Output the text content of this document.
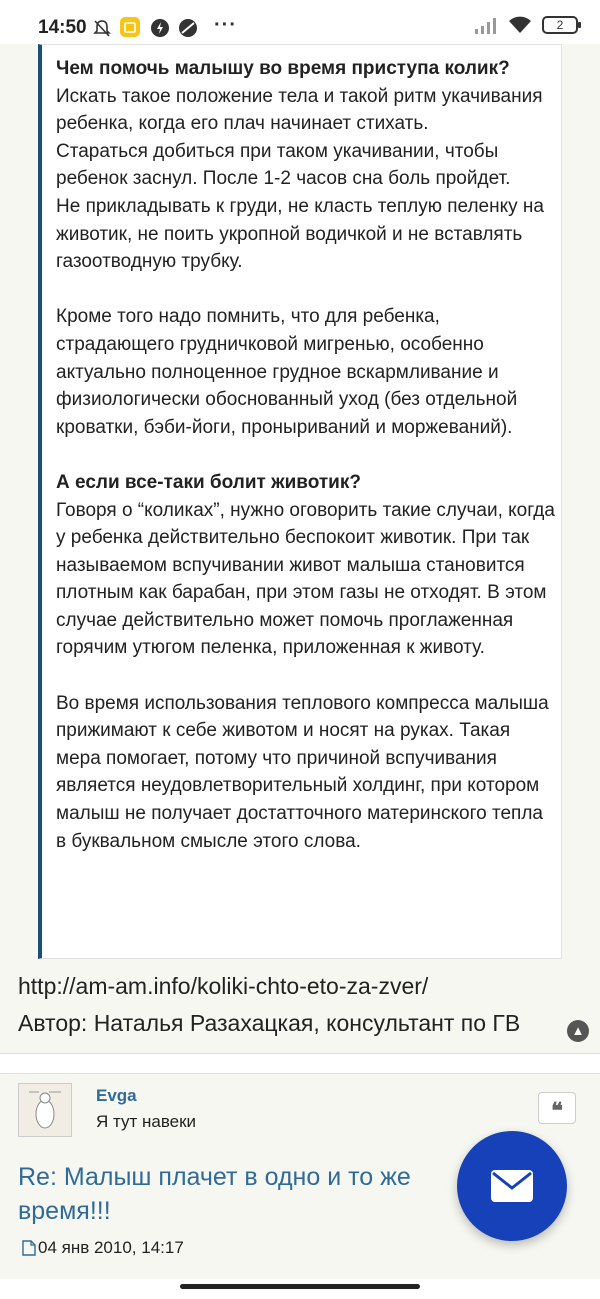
14:50	···	2

Чем помочь малышу во время приступа колик?

Искать такое положение тела и такой ритм укачивания ребенка, когда его плач начинает стихать.

Стараться добиться при таком укачивании, чтобы ребенок заснул. После 1-2 часов сна боль пройдет.

Не прикладывать к груди, не класть теплую пеленку на животик, не поить укропной водичкой и не вставлять газоотводную трубку.

Кроме того надо помнить, что для ребенка, страдающего грудничковой мигренью, особенно актуально полноценное грудное вскармливание и физиологически обоснованный уход (без отдельной кроватки, бэби-йоги, проныриваний и моржеваний).

А если все-таки болит животик?

Говоря о “коликах”, нужно оговорить такие случаи, когда у ребенка действительно беспокоит животик. При так называемом вспучивании живот малыша становится плотным как барабан, при этом газы не отходят. В этом случае действительно может помочь проглаженная горячим утюгом пеленка, приложенная к животу.

Во время использования теплового компресса малыша прижимают к себе животом и носят на руках. Такая мера помогает, потому что причиной вспучивания является неудовлетворительный холдинг, при котором малыш не получает достатточного материнского тепла в буквальном смысле этого слова.

http://am-am.info/koliki-chto-eto-za-zver/
Автор: Наталья Разахацкая, консультант по ГВ	▲
Evga
Я тут навеки	❝
Re: Малыш плачет в одно и то же время!!!
04 янв 2010, 14:17
